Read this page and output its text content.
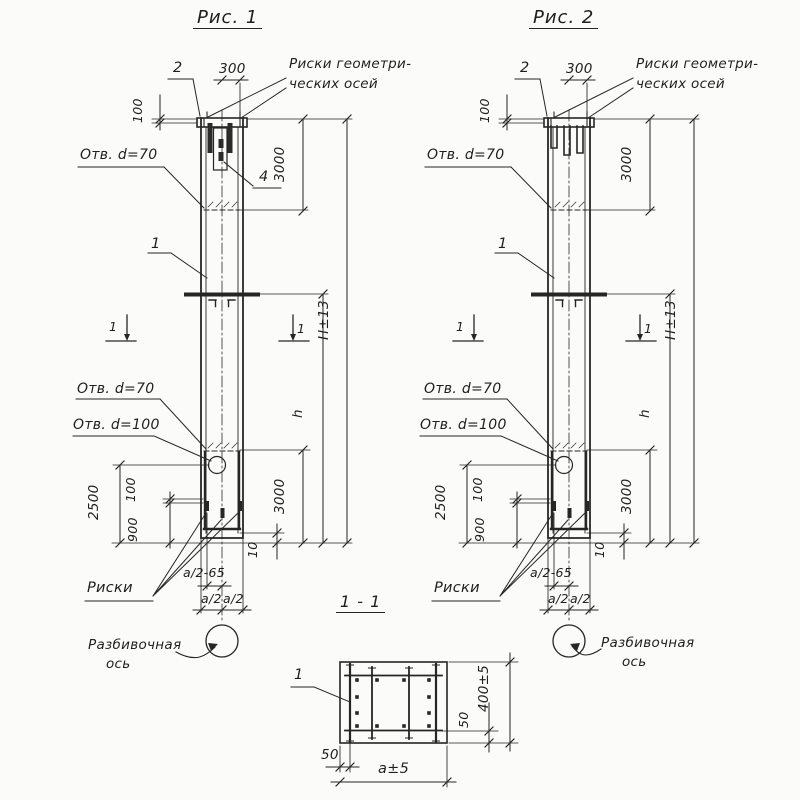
Рис. 1
2	300	Риски геометри-
ческих осей
Отв. d=70
1
4
1	1
Отв. d=70
Отв. d=100
Риски
a/2-65
a/2 a/2
Разбивочная
ось
100
3000
H±13
h
3000
2500 100
900
10
Рис. 2
2	300	Риски геометри-
ческих осей
Отв. d=70
1
1	1
Отв. d=70
Отв. d=100
Риски
a/2-65
a/2 a/2
Разбивочная
ось
100
3000
H±13
h
3000
2500 100
900
10
1 - 1
1
50
a±5
50
400±5
